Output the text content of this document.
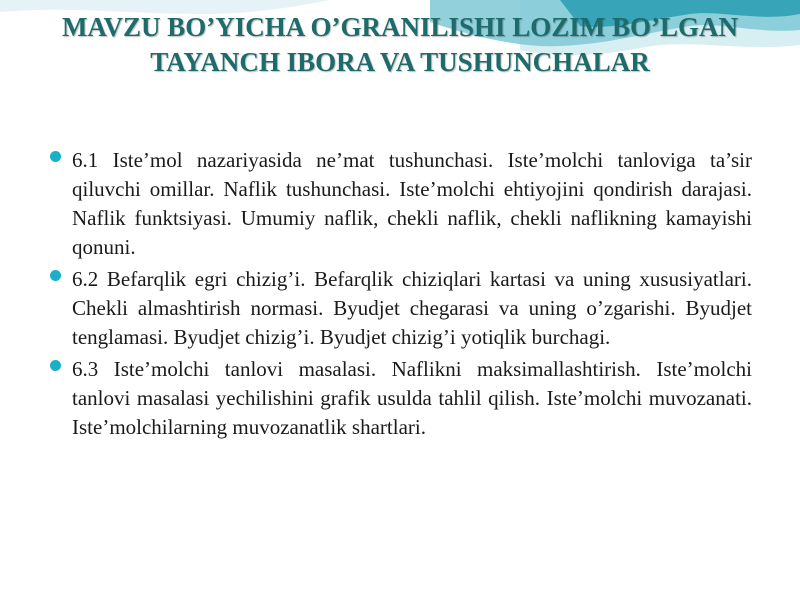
MAVZU BO’YICHA O’GRANILISHI LOZIM BO’LGAN TAYANCH IBORA VA TUSHUNCHALAR
6.1 Iste’mol nazariyasida ne’mat tushunchasi. Iste’molchi tanloviga ta’sir qiluvchi omillar. Naflik tushunchasi. Iste’molchi ehtiyojini qondirish darajasi. Naflik funktsiyasi. Umumiy naflik, chekli naflik, chekli naflikning kamayishi qonuni.
6.2 Befarqlik egri chizig’i. Befarqlik chiziqlari kartasi va uning xususiyatlari. Chekli almashtirish normasi. Byudjet chegarasi va uning o’zgarishi. Byudjet tenglamasi. Byudjet chizig’i. Byudjet chizig’i yotiqlik burchagi.
6.3 Iste’molchi tanlovi masalasi. Naflikni maksimallashtirish. Iste’molchi tanlovi masalasi yechilishini grafik usulda tahlil qilish. Iste’molchi muvozanati. Iste’molchilarning muvozanatlik shartlari.
